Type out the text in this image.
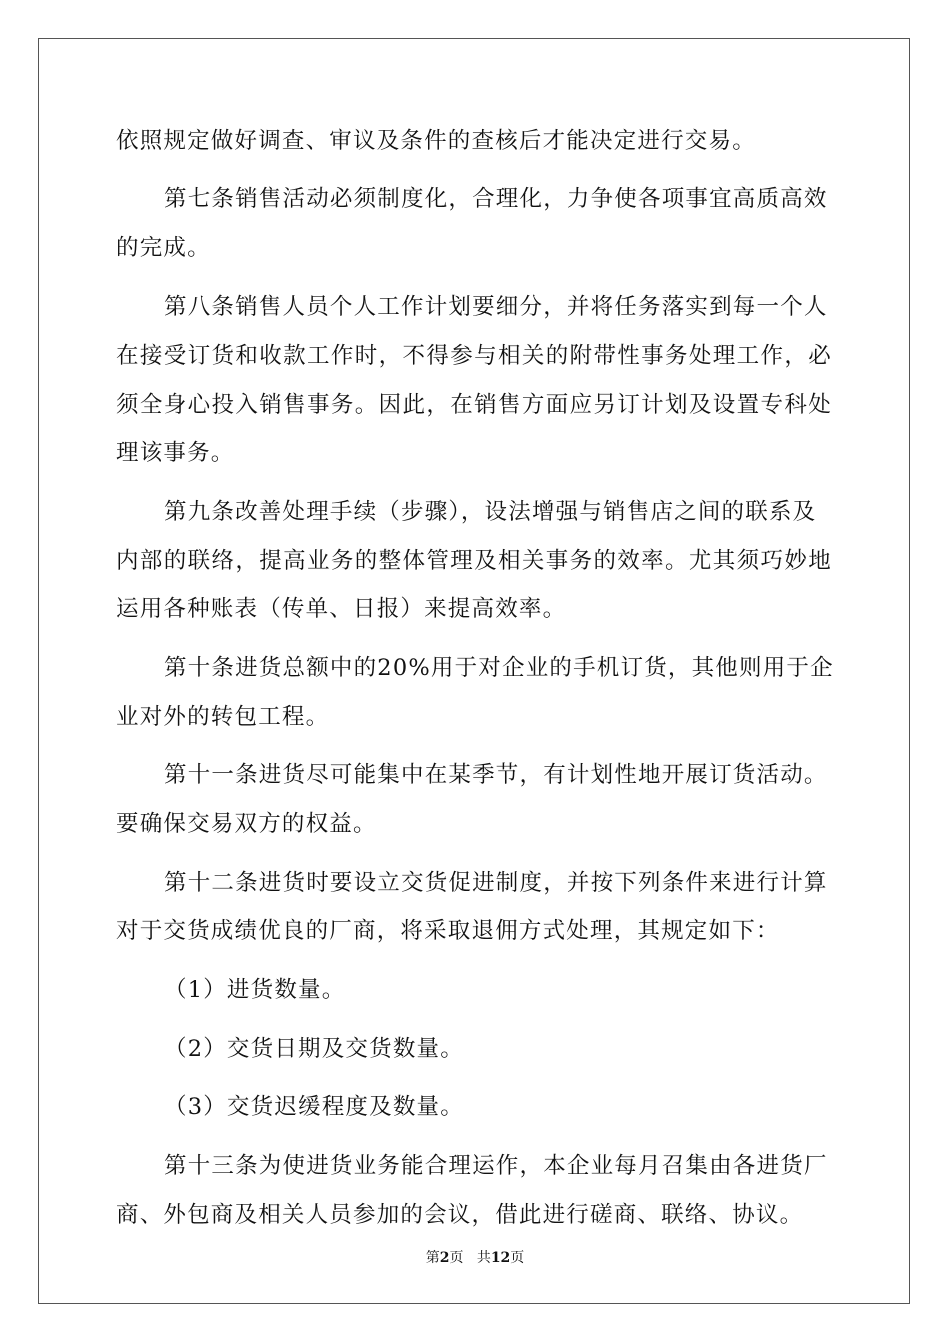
依照规定做好调查、审议及条件的查核后才能决定进行交易。
第七条销售活动必须制度化，合理化，力争使各项事宜高质高效
的完成。
第八条销售人员个人工作计划要细分，并将任务落实到每一个人
在接受订货和收款工作时，不得参与相关的附带性事务处理工作，必
须全身心投入销售事务。因此，在销售方面应另订计划及设置专科处
理该事务。
第九条改善处理手续（步骤），设法增强与销售店之间的联系及
内部的联络，提高业务的整体管理及相关事务的效率。尤其须巧妙地
运用各种账表（传单、日报）来提高效率。
第十条进货总额中的20%用于对企业的手机订货，其他则用于企
业对外的转包工程。
第十一条进货尽可能集中在某季节，有计划性地开展订货活动。
要确保交易双方的权益。
第十二条进货时要设立交货促进制度，并按下列条件来进行计算
对于交货成绩优良的厂商，将采取退佣方式处理，其规定如下：
（1）进货数量。
（2）交货日期及交货数量。
（3）交货迟缓程度及数量。
第十三条为使进货业务能合理运作，本企业每月召集由各进货厂
商、外包商及相关人员参加的会议，借此进行磋商、联络、协议。
第2页 共12页
